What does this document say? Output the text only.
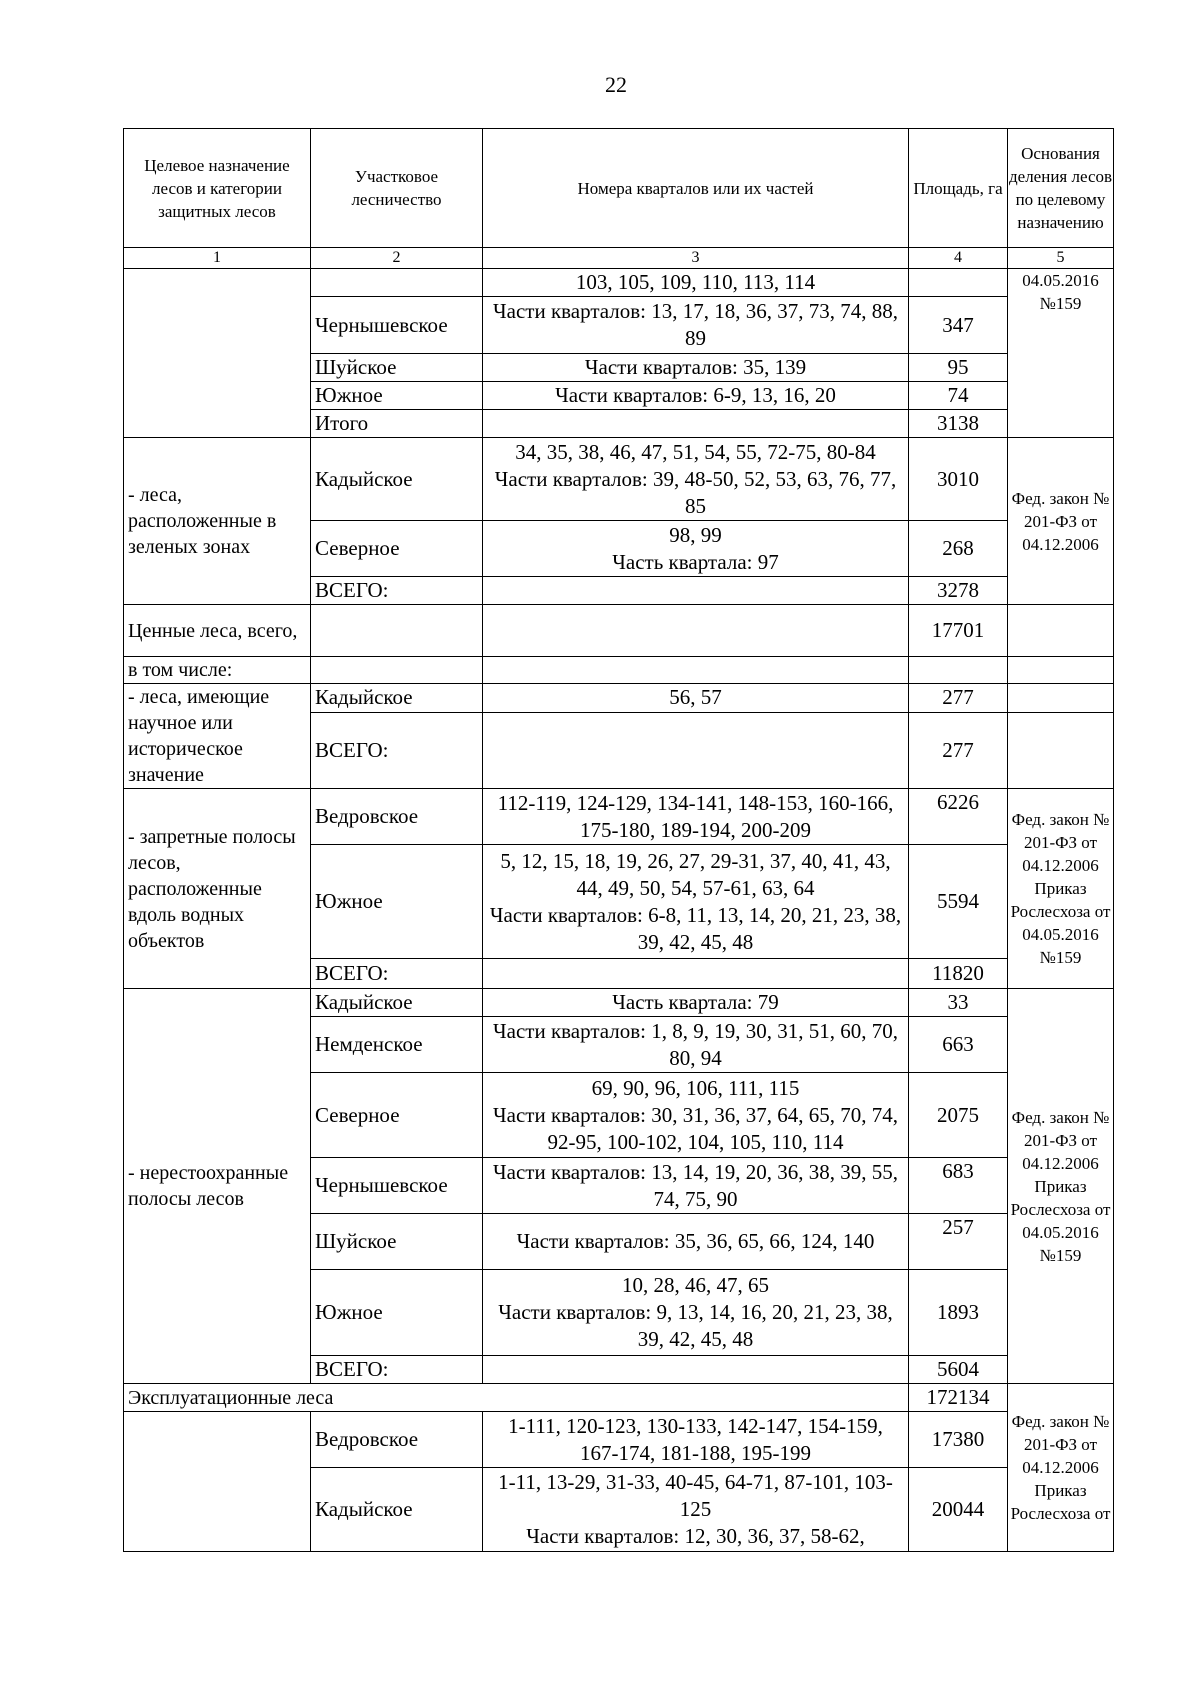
22
Целевое назначение лесов и категории защитных лесов	Участковое лесничество	Номера кварталов или их частей	Площадь, га	Основания деления лесов по целевому назначению
1	2	3	4	5
		103, 105, 109, 110, 113, 114		04.05.2016 №159
	Чернышевское	Части кварталов: 13, 17, 18, 36, 37, 73, 74, 88, 89	347	
	Шуйское	Части кварталов: 35, 139	95	
	Южное	Части кварталов: 6-9, 13, 16, 20	74	
	Итого		3138	
- леса, расположенные в зеленых зонах	Кадыйское	34, 35, 38, 46, 47, 51, 54, 55, 72-75, 80-84
Части кварталов: 39, 48-50, 52, 53, 63, 76, 77, 85	3010	Фед. закон № 201-ФЗ от 04.12.2006
	Северное	98, 99
Часть квартала: 97	268	
	ВСЕГО:		3278	
Ценные леса, всего,			17701	
в том числе:				
- леса, имеющие научное или историческое значение	Кадыйское	56, 57	277	
	ВСЕГО:		277	
- запретные полосы лесов, расположенные вдоль водных объектов	Ведровское	112-119, 124-129, 134-141, 148-153, 160-166, 175-180, 189-194, 200-209	6226	Фед. закон № 201-ФЗ от 04.12.2006 Приказ Рослесхоза от 04.05.2016 №159
	Южное	5, 12, 15, 18, 19, 26, 27, 29-31, 37, 40, 41, 43, 44, 49, 50, 54, 57-61, 63, 64
Части кварталов: 6-8, 11, 13, 14, 20, 21, 23, 38, 39, 42, 45, 48	5594	
	ВСЕГО:		11820	
- нерестоохранные полосы лесов	Кадыйское	Часть квартала: 79	33	Фед. закон № 201-ФЗ от 04.12.2006 Приказ Рослесхоза от 04.05.2016 №159
	Немденское	Части кварталов: 1, 8, 9, 19, 30, 31, 51, 60, 70, 80, 94	663	
	Северное	69, 90, 96, 106, 111, 115
Части кварталов: 30, 31, 36, 37, 64, 65, 70, 74, 92-95, 100-102, 104, 105, 110, 114	2075	
	Чернышевское	Части кварталов: 13, 14, 19, 20, 36, 38, 39, 55, 74, 75, 90	683	
	Шуйское	Части кварталов: 35, 36, 65, 66, 124, 140	257	
	Южное	10, 28, 46, 47, 65
Части кварталов: 9, 13, 14, 16, 20, 21, 23, 38, 39, 42, 45, 48	1893	
	ВСЕГО:		5604	
Эксплуатационные леса			172134	Фед. закон № 201-ФЗ от 04.12.2006 Приказ Рослесхоза от
	Ведровское	1-111, 120-123, 130-133, 142-147, 154-159, 167-174, 181-188, 195-199	17380	
	Кадыйское	1-11, 13-29, 31-33, 40-45, 64-71, 87-101, 103-125
Части кварталов: 12, 30, 36, 37, 58-62,	20044	
